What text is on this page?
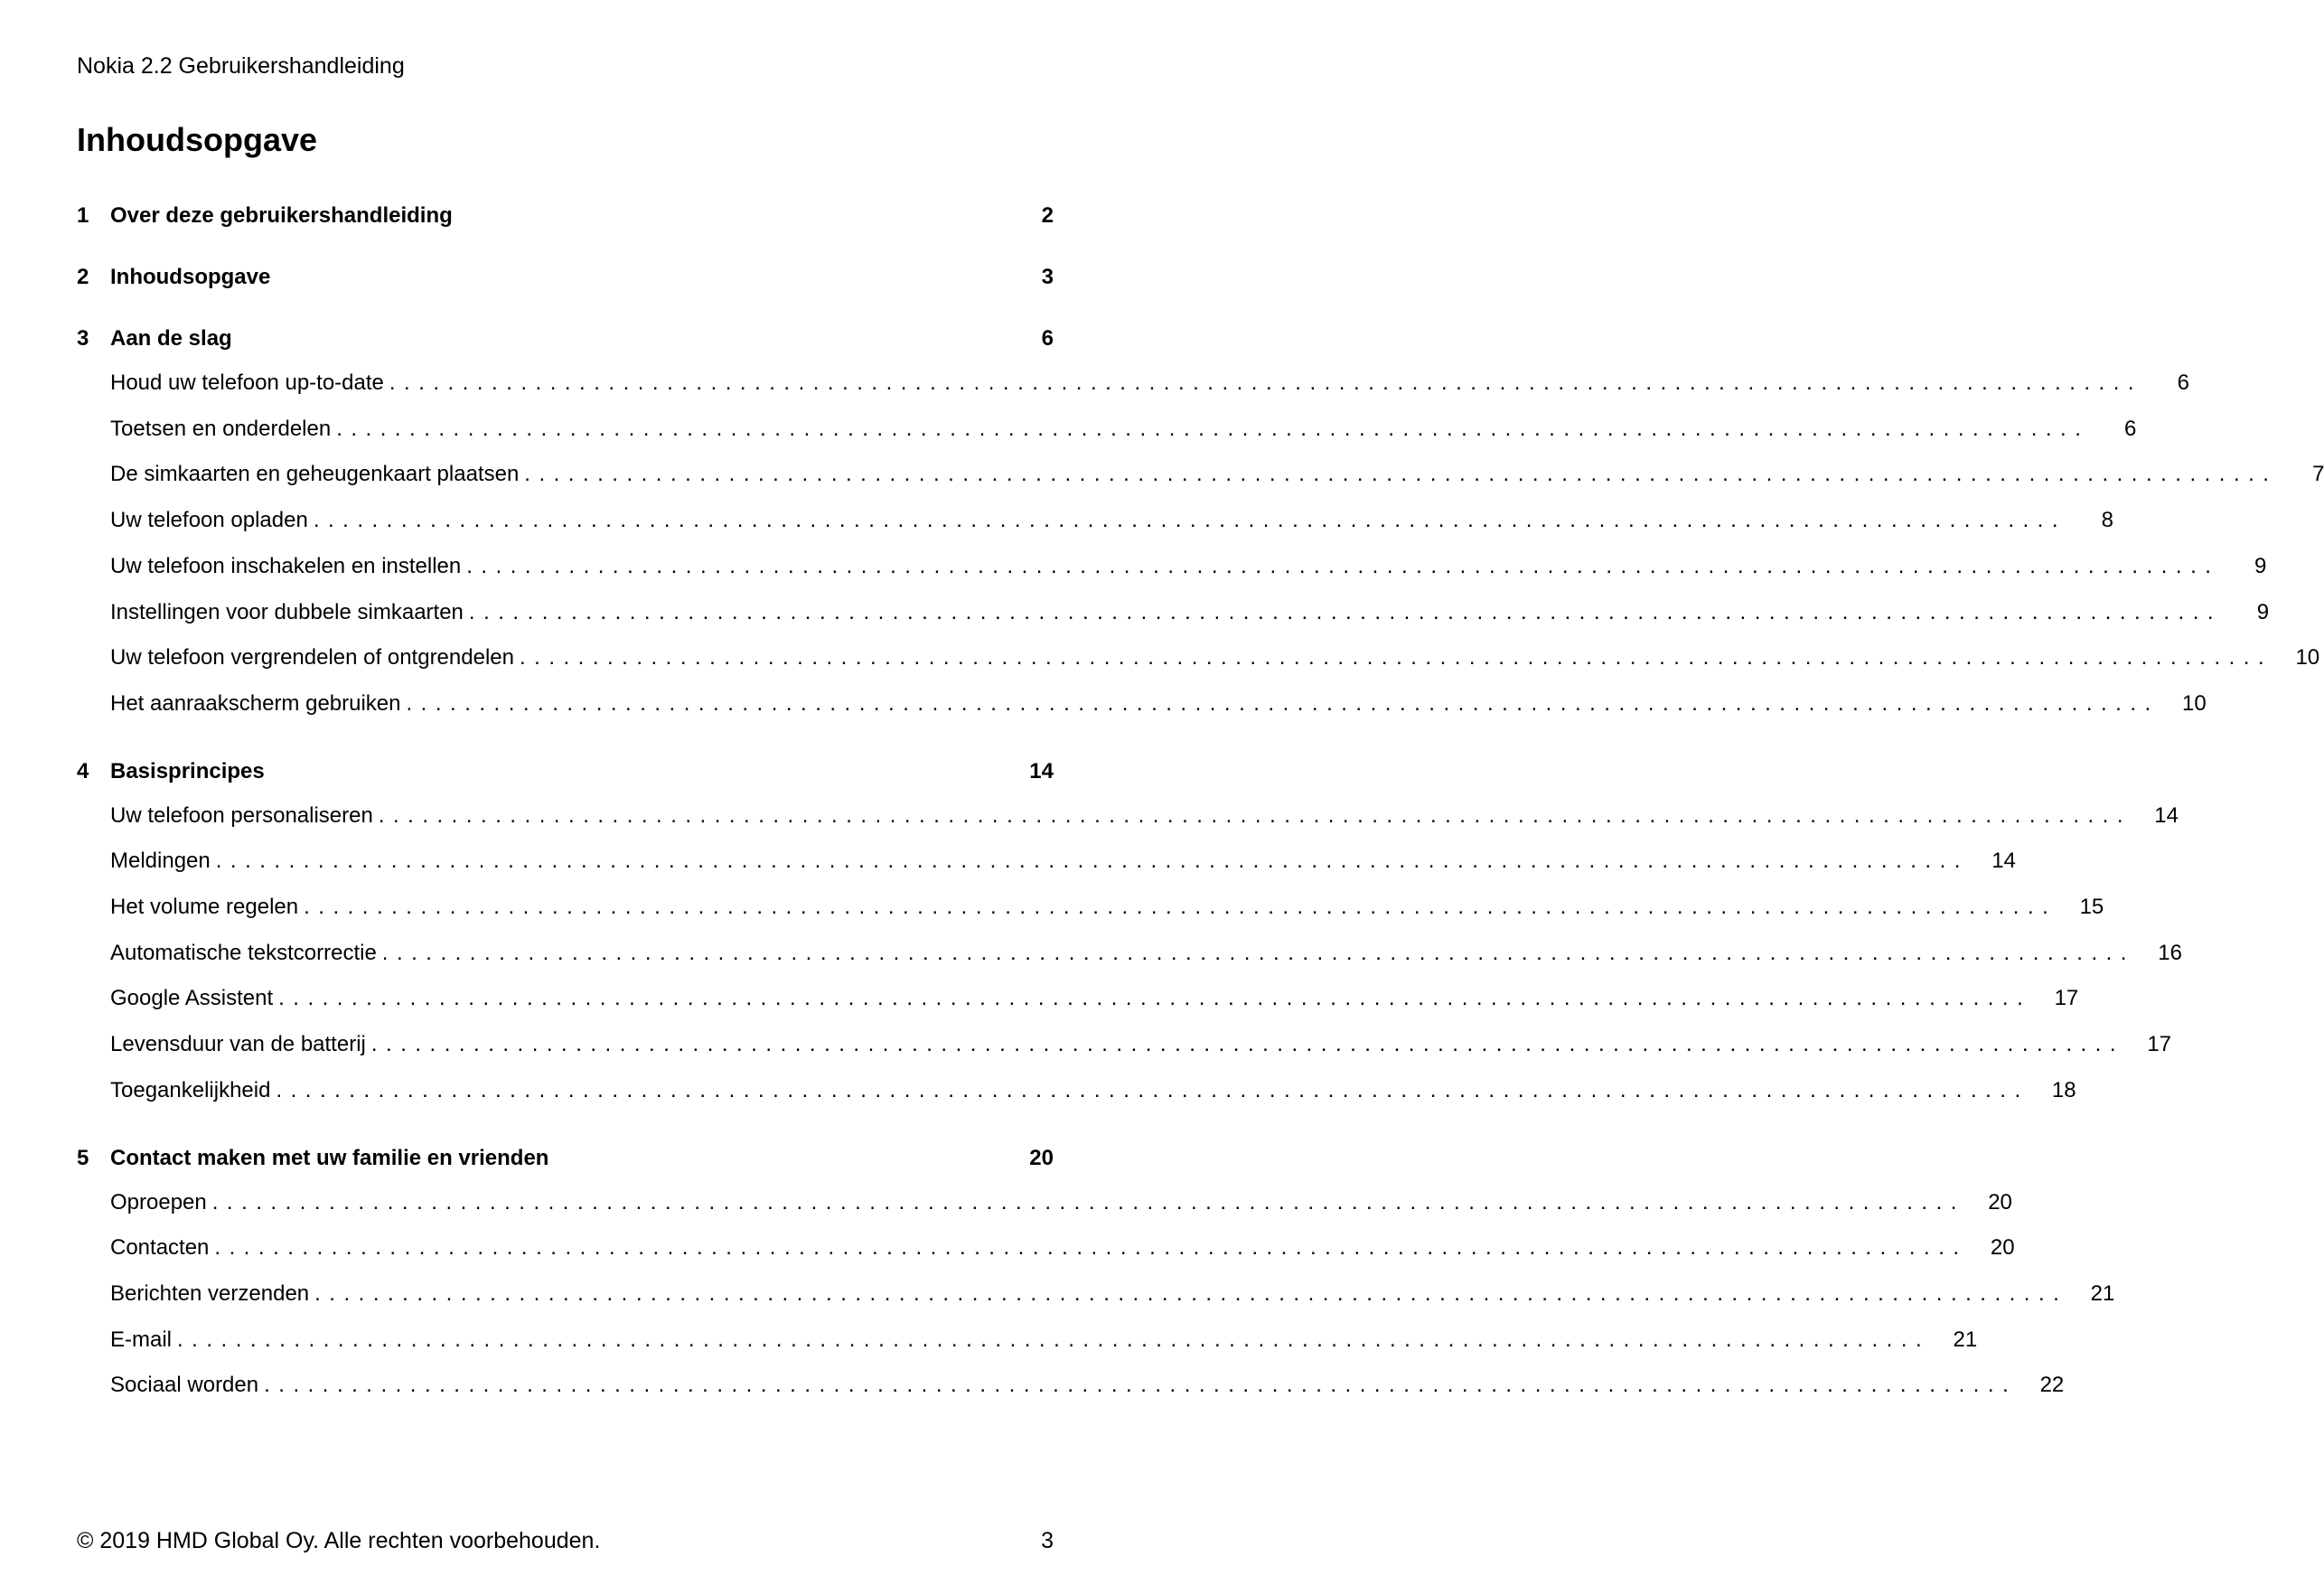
Nokia 2.2 Gebruikershandleiding
Inhoudsopgave
1 Over deze gebruikershandleiding	2
2 Inhoudsopgave	3
3 Aan de slag	6
Houd uw telefoon up-to-date ........................................................................................................................	6
Toetsen en onderdelen ........................................................................................................................	6
De simkaarten en geheugenkaart plaatsen ........................................................................................................................	7
Uw telefoon opladen ........................................................................................................................	8
Uw telefoon inschakelen en instellen ........................................................................................................................	9
Instellingen voor dubbele simkaarten ........................................................................................................................	9
Uw telefoon vergrendelen of ontgrendelen ........................................................................................................................	10
Het aanraakscherm gebruiken ........................................................................................................................	10
4 Basisprincipes	14
Uw telefoon personaliseren ........................................................................................................................	14
Meldingen ........................................................................................................................	14
Het volume regelen ........................................................................................................................	15
Automatische tekstcorrectie ........................................................................................................................	16
Google Assistent ........................................................................................................................	17
Levensduur van de batterij ........................................................................................................................	17
Toegankelijkheid ........................................................................................................................	18
5 Contact maken met uw familie en vrienden	20
Oproepen ........................................................................................................................	20
Contacten ........................................................................................................................	20
Berichten verzenden ........................................................................................................................	21
E-mail ........................................................................................................................	21
Sociaal worden ........................................................................................................................	22
© 2019 HMD Global Oy. Alle rechten voorbehouden.	3
